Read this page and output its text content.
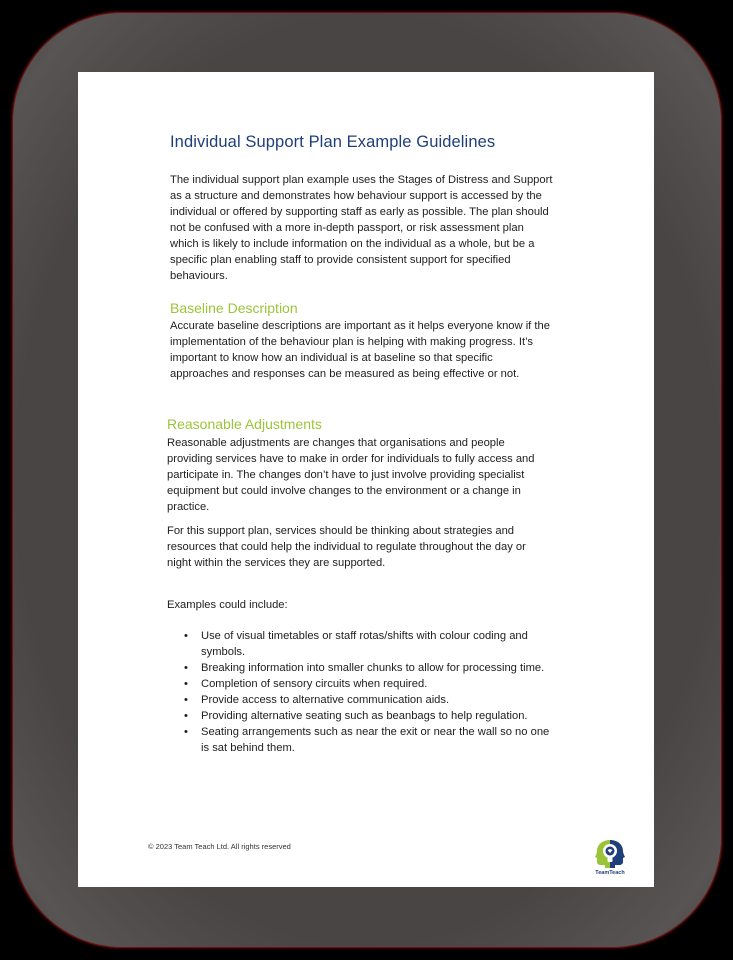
Individual Support Plan Example Guidelines

The individual support plan example uses the Stages of Distress and Support
as a structure and demonstrates how behaviour support is accessed by the
individual or offered by supporting staff as early as possible. The plan should
not be confused with a more in-depth passport, or risk assessment plan
which is likely to include information on the individual as a whole, but be a
specific plan enabling staff to provide consistent support for specified
behaviours.

Baseline Description

Accurate baseline descriptions are important as it helps everyone know if the
implementation of the behaviour plan is helping with making progress. It’s
important to know how an individual is at baseline so that specific
approaches and responses can be measured as being effective or not.

Reasonable Adjustments

Reasonable adjustments are changes that organisations and people
providing services have to make in order for individuals to fully access and
participate in. The changes don’t have to just involve providing specialist
equipment but could involve changes to the environment or a change in
practice.

For this support plan, services should be thinking about strategies and
resources that could help the individual to regulate throughout the day or
night within the services they are supported.

Examples could include:

• Use of visual timetables or staff rotas/shifts with colour coding and
symbols.
• Breaking information into smaller chunks to allow for processing time.
• Completion of sensory circuits when required.
• Provide access to alternative communication aids.
• Providing alternative seating such as beanbags to help regulation.
• Seating arrangements such as near the exit or near the wall so no one
is sat behind them.
© 2023 Team Teach Ltd. All rights reserved
TeamTeach
